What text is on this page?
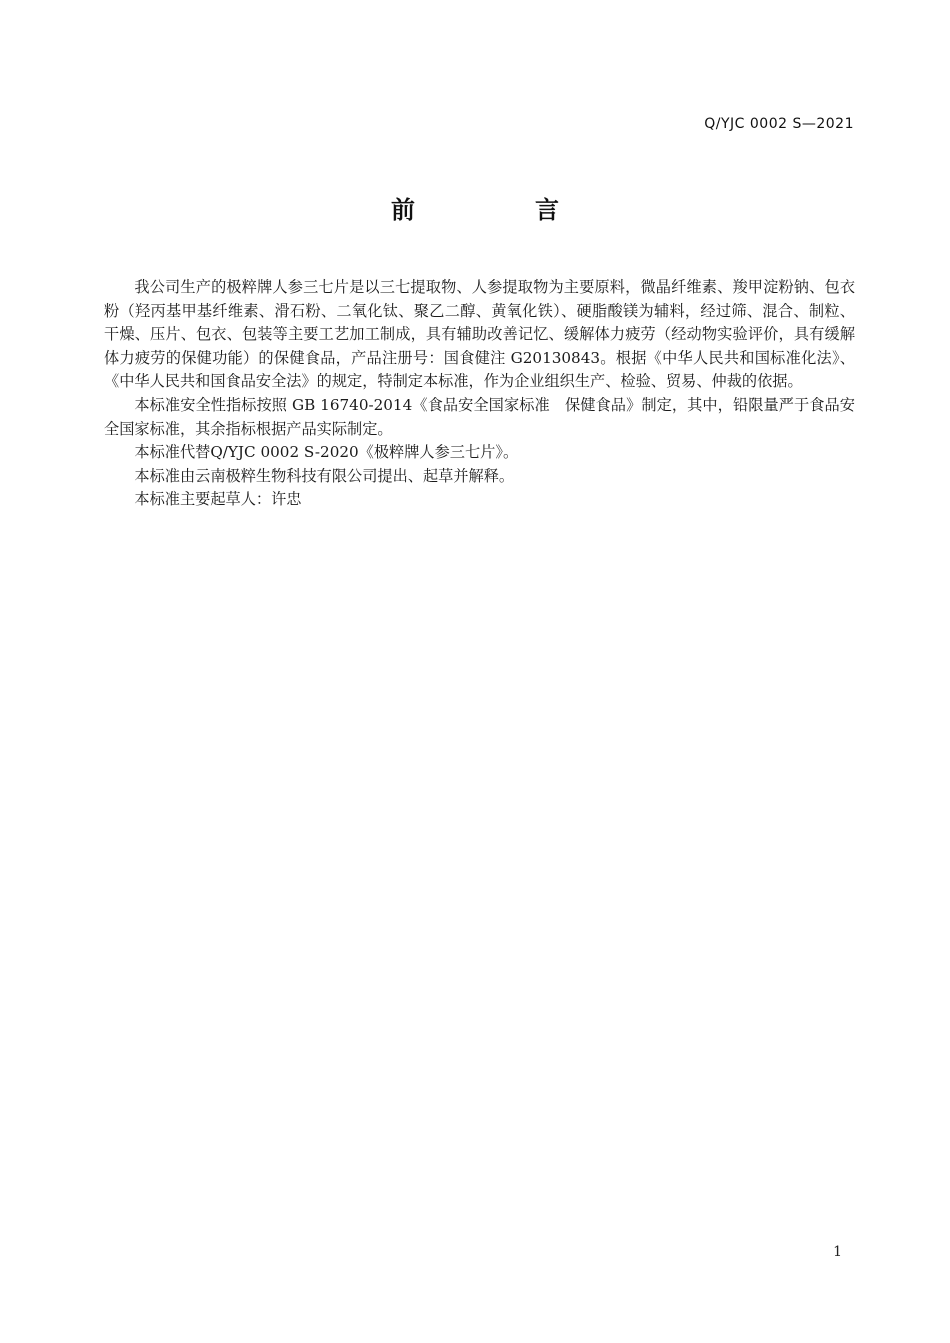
Q/YJC 0002 S—2021
前　言

我公司生产的极粹牌人参三七片是以三七提取物、人参提取物为主要原料，微晶纤维素、羧甲淀粉钠、包衣粉（羟丙基甲基纤维素、滑石粉、二氧化钛、聚乙二醇、黄氧化铁）、硬脂酸镁为辅料，经过筛、混合、制粒、干燥、压片、包衣、包装等主要工艺加工制成，具有辅助改善记忆、缓解体力疲劳（经动物实验评价，具有缓解体力疲劳的保健功能）的保健食品，产品注册号：国食健注 G20130843。根据《中华人民共和国标准化法》、《中华人民共和国食品安全法》的规定，特制定本标准，作为企业组织生产、检验、贸易、仲裁的依据。

本标准安全性指标按照 GB 16740-2014《食品安全国家标准　保健食品》制定，其中，铅限量严于食品安全国家标准，其余指标根据产品实际制定。

本标准代替Q/YJC 0002 S-2020《极粹牌人参三七片》。

本标准由云南极粹生物科技有限公司提出、起草并解释。

本标准主要起草人：许忠

1
